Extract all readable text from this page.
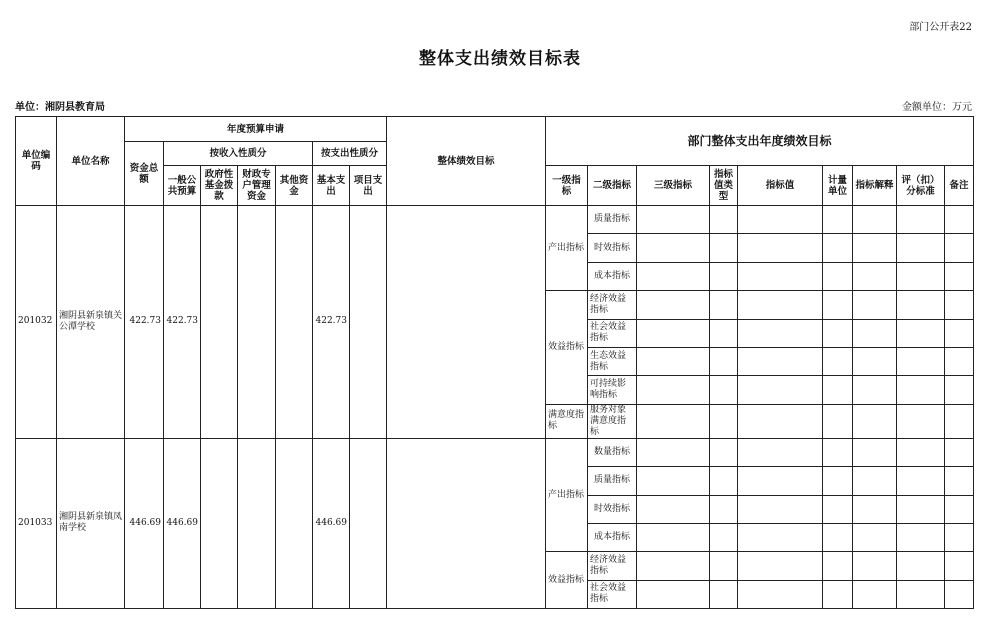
部门公开表22
整体支出绩效目标表
单位：湘阴县教育局	金额单位：万元
单位编码	单位名称	年度预算申请							整体绩效目标	部门整体支出年度绩效目标								
		资金总额	按收入性质分				按支出性质分											
			一般公共预算	政府性基金拨款	财政专户管理资金	其他资金	基本支出	项目支出		一级指标	二级指标	三级指标	指标值类型	指标值	计量单位	指标解释	评（扣）分标准	备注
201032	湘阴县新泉镇关公潭学校	422.73	422.73				422.73			产出指标	质量指标							
											时效指标							
											成本指标							
										效益指标	经济效益指标							
											社会效益指标							
											生态效益指标							
											可持续影响指标							
										满意度指标	服务对象满意度指标							
201033	湘阴县新泉镇凤南学校	446.69	446.69				446.69			产出指标	数量指标							
											质量指标							
											时效指标							
											成本指标							
										效益指标	经济效益指标							
											社会效益指标							
